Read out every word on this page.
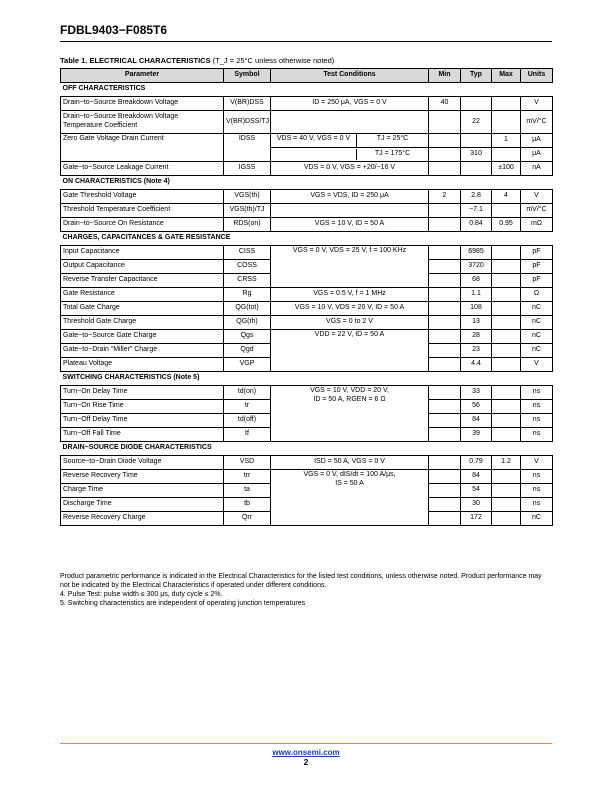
FDBL9403−F085T6
Table 1. ELECTRICAL CHARACTERISTICS (T_J = 25°C unless otherwise noted)
Parameter	Symbol	Test Conditions	Min	Typ	Max	Units
OFF CHARACTERISTICS						
Drain−to−Source Breakdown Voltage	V(BR)DSS	ID = 250 μA, VGS = 0 V	40			V
Drain−to−Source Breakdown Voltage
Temperature Coefficient	V(BR)DSS/TJ			22		mV/°C
Zero Gate Voltage Drain Current	IDSS	VDS = 40 V, VGS = 0 V TJ = 25°C			1	μA

		TJ = 175°C		310		μA
Gate−to−Source Leakage Current	IGSS	VDS = 0 V, VGS = +20/−16 V			±100	nA
ON CHARACTERISTICS (Note 4)						
Gate Threshold Voltage	VGS(th)	VGS = VDS, ID = 250 μA	2	2.8	4	V
Threshold Temperature Coefficient	VGS(th)/TJ			−7.1		mV/°C
Drain−to−Source On Resistance	RDS(on)	VGS = 10 V, ID = 50 A		0.84	0.95	mΩ
CHARGES, CAPACITANCES & GATE RESISTANCE						
Input Capacitance	CISS	VGS = 0 V, VDS = 25 V, f = 100 KHz		6985		pF
Output Capacitance	COSS			3720		pF
Reverse Transfer Capacitance	CRSS			68		pF
Gate Resistance	Rg	VGS = 0.5 V, f = 1 MHz		1.1		Ω
Total Gate Charge	QG(tot)	VGS = 10 V, VDS = 20 V, ID = 50 A		108		nC
Threshold Gate Charge	QG(th)	VGS = 0 to 2 V		13		nC
Gate−to−Source Gate Charge	Qgs	VDD = 22 V, ID = 50 A		28		nC
Gate−to−Drain “Miller” Charge	Qgd			23		nC
Plateau Voltage	VGP			4.4		V
SWITCHING CHARACTERISTICS (Note 5)						
Turn−On Delay Time	td(on)	VGS = 10 V, VDD = 20 V,
ID = 50 A, RGEN = 6 Ω		33		ns
Turn−On Rise Time	tr			56		ns
Turn−Off Delay Time	td(off)			84		ns
Turn−Off Fall Time	tf			39		ns
DRAIN−SOURCE DIODE CHARACTERISTICS						
Source−to−Drain Diode Voltage	VSD	ISD = 50 A, VGS = 0 V		0.79	1.2	V
Reverse Recovery Time	trr	VGS = 0 V, dIS/dt = 100 A/μs,
IS = 50 A		84		ns
Charge Time	ta			54		ns
Discharge Time	tb			30		ns
Reverse Recovery Charge	Qrr			172		nC

Product parametric performance is indicated in the Electrical Characteristics for the listed test conditions, unless otherwise noted. Product performance may not be indicated by the Electrical Characteristics if operated under different conditions.

4. Pulse Test: pulse width ≤ 300 μs, duty cycle ≤ 2%.

5. Switching characteristics are independent of operating junction temperatures

www.onsemi.com
2
